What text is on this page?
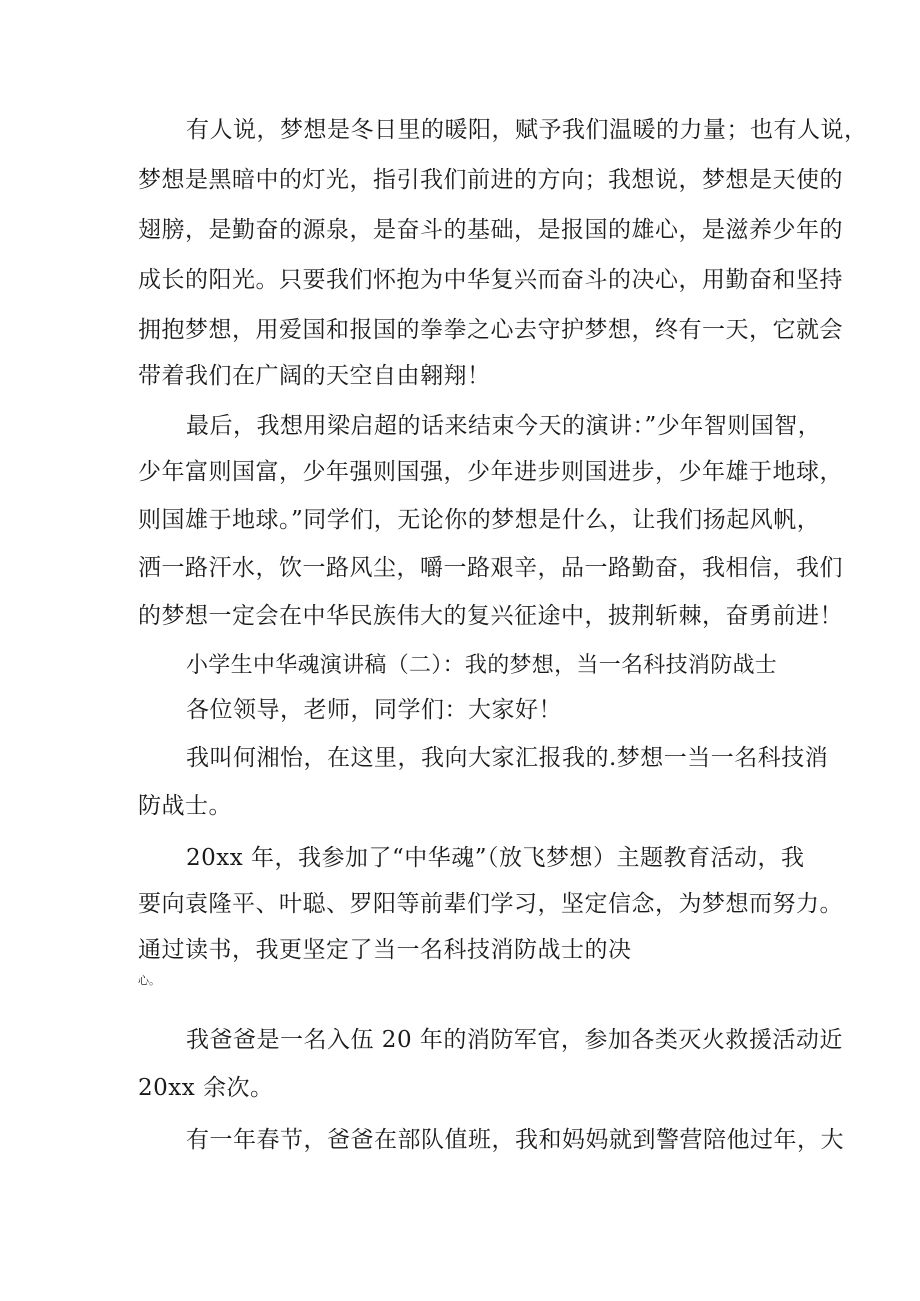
有人说，梦想是冬日里的暖阳，赋予我们温暖的力量；也有人说，
梦想是黑暗中的灯光，指引我们前进的方向；我想说，梦想是天使的
翅膀，是勤奋的源泉，是奋斗的基础，是报国的雄心，是滋养少年的
成长的阳光。只要我们怀抱为中华复兴而奋斗的决心，用勤奋和坚持
拥抱梦想，用爱国和报国的拳拳之心去守护梦想，终有一天，它就会
带着我们在广阔的天空自由翱翔！
最后，我想用梁启超的话来结束今天的演讲：”少年智则国智，
少年富则国富，少年强则国强，少年进步则国进步，少年雄于地球，
则国雄于地球。”同学们，无论你的梦想是什么，让我们扬起风帆，
洒一路汗水，饮一路风尘，嚼一路艰辛，品一路勤奋，我相信，我们
的梦想一定会在中华民族伟大的复兴征途中，披荆斩棘，奋勇前进！
小学生中华魂演讲稿（二）：我的梦想，当一名科技消防战士
各位领导，老师，同学们：大家好！
我叫何湘怡，在这里，我向大家汇报我的.梦想一当一名科技消
防战士。
20xx 年，我参加了“中华魂”（放飞梦想）主题教育活动，我
要向袁隆平、叶聪、罗阳等前辈们学习，坚定信念，为梦想而努力。
通过读书，我更坚定了当一名科技消防战士的决
心。
我爸爸是一名入伍 20 年的消防军官，参加各类灭火救援活动近
20xx 余次。
有一年春节，爸爸在部队值班，我和妈妈就到警营陪他过年，大
